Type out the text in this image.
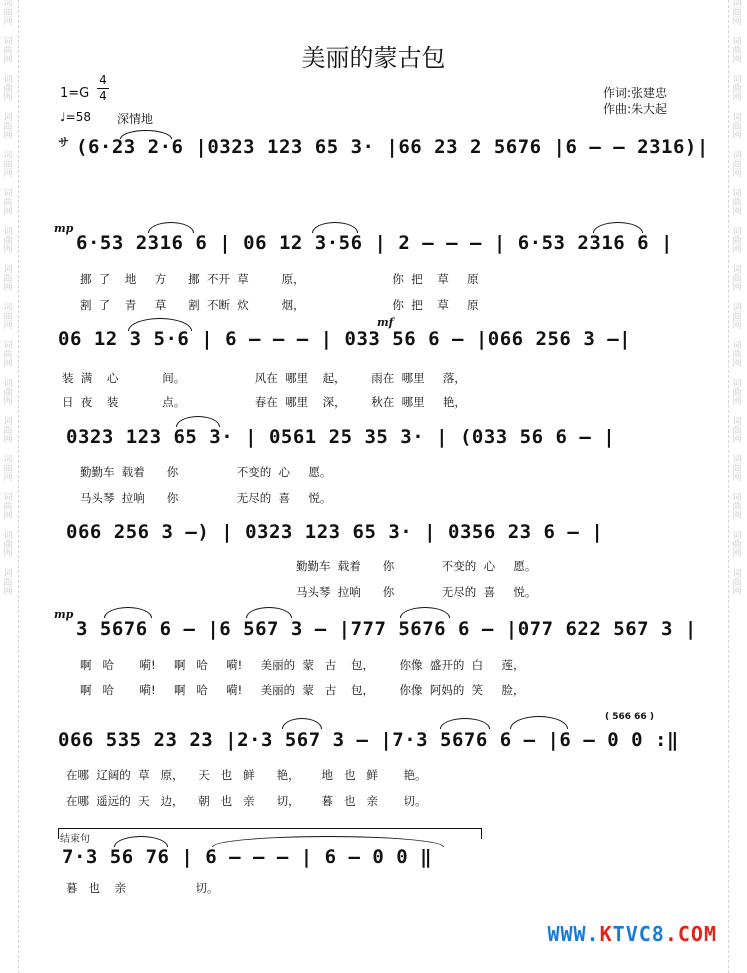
词
曲
网
词
曲
网
词
曲
网
词
曲
网
词
曲
网
词
曲
网
词
曲
网
词
曲
网
词
曲
网
词
曲
网
词
曲
网
词
曲
网
词
曲
网
词
曲
网
词
曲
网
词
曲
网
词
曲
网
词
曲
网
词
曲
网
词
曲
网
词
曲
网
词
曲
网
词
曲
网
词
曲
网
词
曲
网
词
曲
网
词
曲
网
词
曲
网
词
曲
网
词
曲
网
词
曲
网
词
曲
网
美丽的蒙古包
1=G
4
4
♩=58 深情地
作词:张建忠
作曲:朱大起
サ (6·23 2·6 |0323 123 65 3· |66 23 2 5676 |6 – – 2316)|
mp
6·53 2316 6 | 06 12 3·56 | 2 – – – | 6·53 2316 6 |
挪  了    地     方      挪  不开  草         原，                        你  把    草     原
割  了    青     草      割  不断  炊         烟，                        你  把    草     原
mf
06 12 3 5·6 | 6 – – – | 033 56 6 – |066 256 3 –|
装  满    心            间。                   风在  哪里    起，       雨在  哪里     落，
日  夜    装            点。                   春在  哪里    深，       秋在  哪里     艳，
0323 123 65 3· | 0561 25 35 3· | (033 56 6 – |
勤勤车  载着      你                不变的  心     愿。
马头琴  拉响      你                无尽的  喜     悦。
066 256 3 –) | 0323 123 65 3· | 0356 23 6 – |
勤勤车  载着      你             不变的  心     愿。
马头琴  拉响      你             无尽的  喜     悦。
mp
3 5676 6 – |6 567 3 – |777 5676 6 – |077 622 567 3 |
啊   哈       嗬!     啊   哈     嗬!     美丽的  蒙   古    包，       你像  盛开的  白     莲，
啊   哈       嗬!     啊   哈     嗬!     美丽的  蒙   古    包，       你像  阿妈的  笑     脸，
( 566 66 )
066 535 23 23 |2·3 567 3 – |7·3 5676 6 – |6 – 0 0 :‖
在哪  辽阔的  草   原，    天   也   鲜      艳，      地   也   鲜       艳。
在哪  遥远的  天   边，    朝   也   亲      切，      暮   也   亲       切。
结束句
7·3 56 76 | 6 – – – | 6 – 0 0 ‖
暮   也    亲                   切。
WWW.KTVC8.COM
